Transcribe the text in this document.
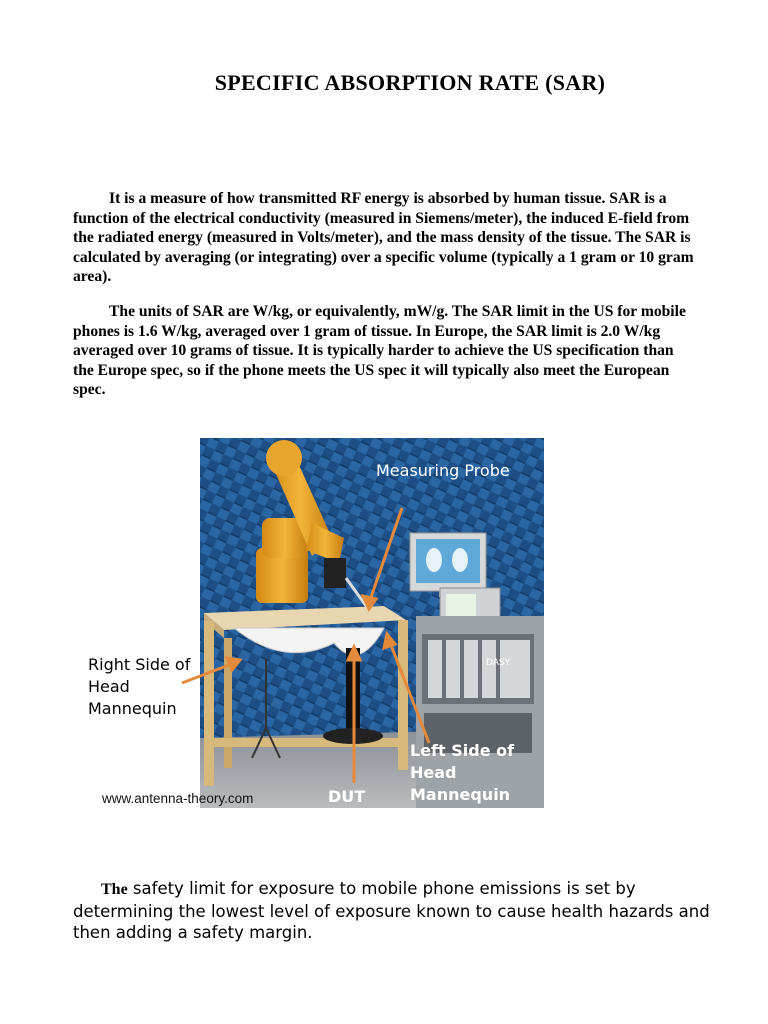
SPECIFIC ABSORPTION RATE (SAR)
It is a measure of how transmitted RF energy is absorbed by human tissue. SAR is a function of the electrical conductivity (measured in Siemens/meter), the induced E-field from the radiated energy (measured in Volts/meter), and the mass density of the tissue. The SAR is calculated by averaging (or integrating) over a specific volume (typically a 1 gram or 10 gram area).
The units of SAR are W/kg, or equivalently, mW/g. The SAR limit in the US for mobile phones is 1.6 W/kg, averaged over 1 gram of tissue. In Europe, the SAR limit is 2.0 W/kg averaged over 10 grams of tissue. It is typically harder to achieve the US specification than the Europe spec, so if the phone meets the US spec it will typically also meet the European spec.
Measuring Probe
Right Side of Head Mannequin
Left Side of Head Mannequin
DUT
DASY
www.antenna-theory.com
The safety limit for exposure to mobile phone emissions is set by determining the lowest level of exposure known to cause health hazards and then adding a safety margin.
